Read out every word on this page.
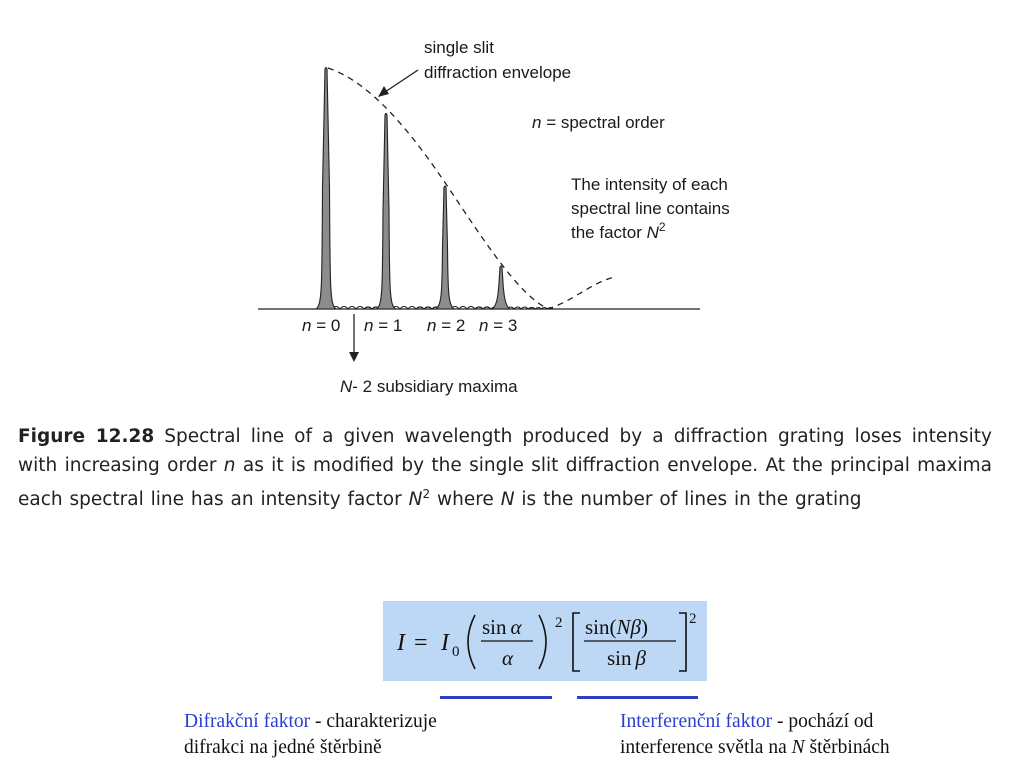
single slit
diffraction envelope
n = spectral order
The intensity of each
spectral line contains
the factor $N^2$
n = 0 n = 1 n = 2 n = 3
N- 2 subsidiary maxima
Figure 12.28 Spectral line of a given wavelength produced by a diffraction grating loses intensity with increasing order n as it is modified by the single slit diffraction envelope. At the principal maxima each spectral line has an intensity factor $N^2$ where N is the number of lines in the grating
I = I 0
sin α
α
2 sin(Nβ)
sin β
2
Difrakční faktor - charakterizuje
difrakci na jedné štěrbině
Interferenční faktor - pochází od
interference světla na N štěrbinách
